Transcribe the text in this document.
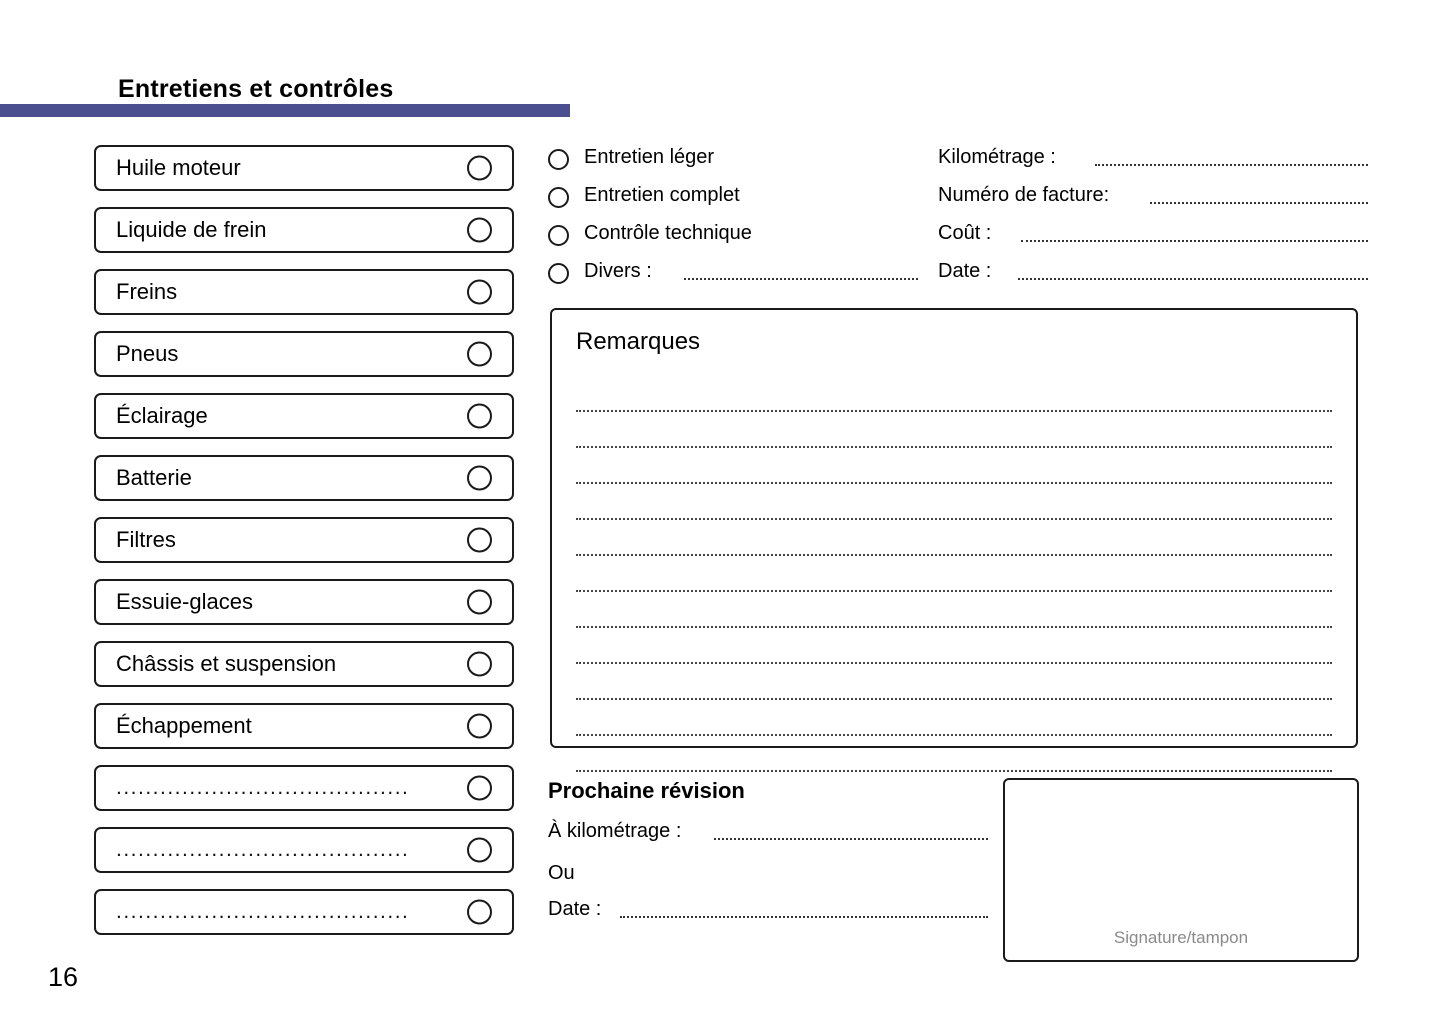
Entretiens et contrôles
Huile moteur
Liquide de frein
Freins
Pneus
Éclairage
Batterie
Filtres
Essuie-glaces
Châssis et suspension
Échappement
........................................
........................................
........................................
Entretien léger
Entretien complet
Contrôle technique
Divers :
Kilométrage :
Numéro de facture:
Coût :
Date :
Remarques
Prochaine révision
À kilométrage :
Ou
Date :
Signature/tampon
16
